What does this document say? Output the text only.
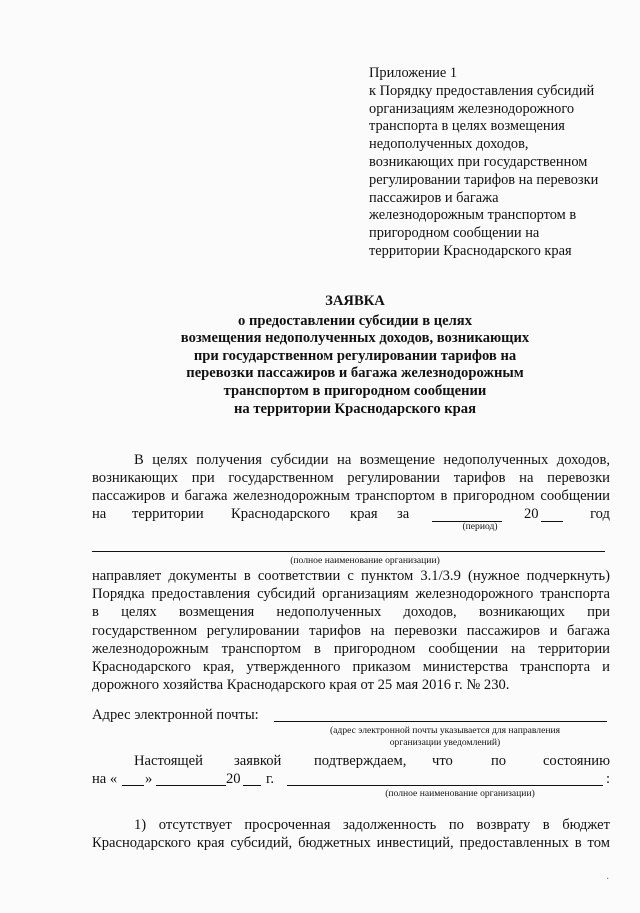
Приложение 1
к Порядку предоставления субсидий
организациям железнодорожного
транспорта в целях возмещения
недополученных доходов,
возникающих при государственном
регулировании тарифов на перевозки
пассажиров и багажа
железнодорожным транспортом в
пригородном сообщении на
территории Краснодарского края
ЗАЯВКА
о предоставлении субсидии в целях
возмещения недополученных доходов, возникающих
при государственном регулировании тарифов на
перевозки пассажиров и багажа железнодорожным
транспортом в пригородном сообщении
на территории Краснодарского края
В целях получения субсидии на возмещение недополученных доходов,
возникающих при государственном регулировании тарифов на перевозки
пассажиров и багажа железнодорожным транспортом в пригородном сообщении
на территории Краснодарского края за	20	год
(период)
(полное наименование организации)
направляет документы в соответствии с пунктом 3.1/3.9 (нужное подчеркнуть)
Порядка предоставления субсидий организациям железнодорожного транспорта
в целях возмещения недополученных доходов, возникающих при
государственном регулировании тарифов на перевозки пассажиров и багажа
железнодорожным транспортом в пригородном сообщении на территории
Краснодарского края, утвержденного приказом министерства транспорта и
дорожного хозяйства Краснодарского края от 25 мая 2016 г. № 230.
Адрес электронной почты:
(адрес электронной почты указывается для направления
организации уведомлений)
Настоящей заявкой подтверждаем, что	по	состоянию
на « »	20 г.	:
(полное наименование организации)
1) отсутствует просроченная задолженность по возврату в бюджет
Краснодарского края субсидий, бюджетных инвестиций, предоставленных в том
·
